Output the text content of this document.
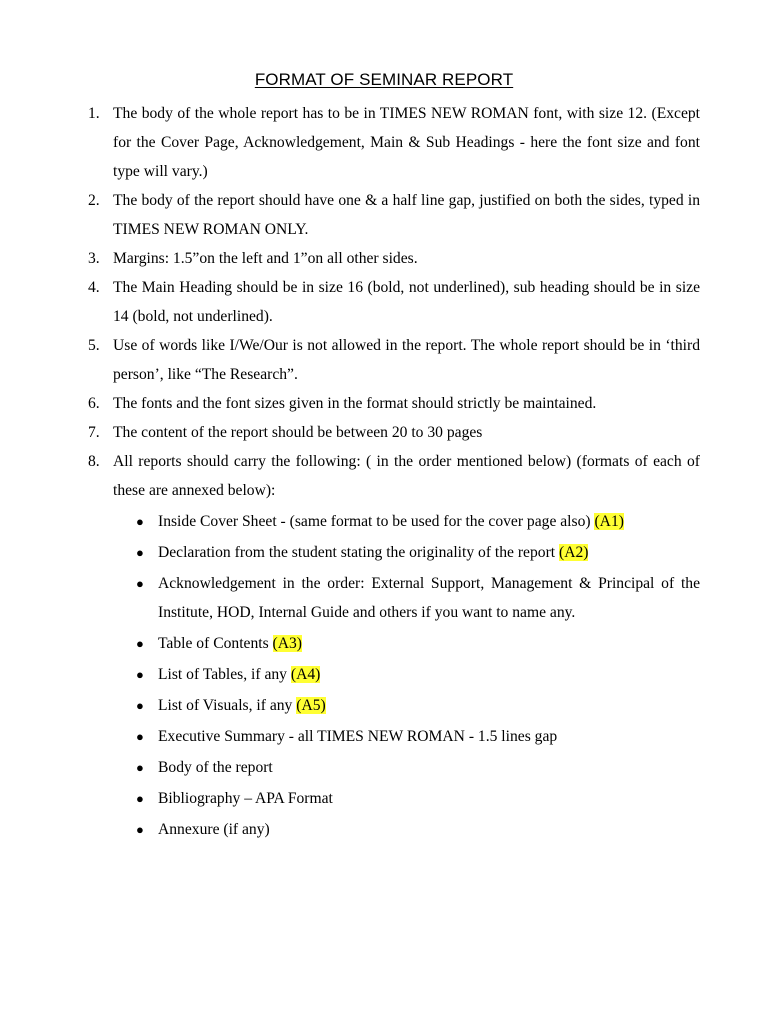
FORMAT OF SEMINAR REPORT
1. The body of the whole report has to be in TIMES NEW ROMAN font, with size 12. (Except for the Cover Page, Acknowledgement, Main & Sub Headings - here the font size and font type will vary.)
2. The body of the report should have one & a half line gap, justified on both the sides, typed in TIMES NEW ROMAN ONLY.
3. Margins: 1.5”on the left and 1”on all other sides.
4. The Main Heading should be in size 16 (bold, not underlined), sub heading should be in size 14 (bold, not underlined).
5. Use of words like I/We/Our is not allowed in the report. The whole report should be in ‘third person’, like “The Research”.
6. The fonts and the font sizes given in the format should strictly be maintained.
7. The content of the report should be between 20 to 30 pages
8. All reports should carry the following: ( in the order mentioned below) (formats of each of these are annexed below):
● Inside Cover Sheet - (same format to be used for the cover page also) (A1)
● Declaration from the student stating the originality of the report (A2)
● Acknowledgement in the order: External Support, Management & Principal of the Institute, HOD, Internal Guide and others if you want to name any.
● Table of Contents (A3)
● List of Tables, if any (A4)
● List of Visuals, if any (A5)
● Executive Summary - all TIMES NEW ROMAN - 1.5 lines gap
● Body of the report
● Bibliography – APA Format
● Annexure (if any)
